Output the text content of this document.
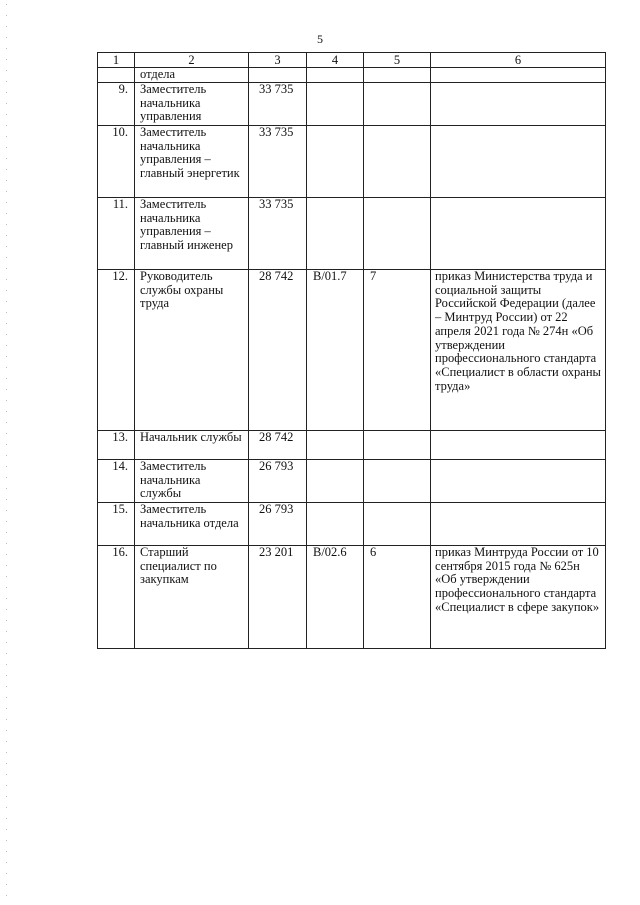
5
1	2	3	4	5	6
	отдела				
9.	Заместитель начальника управления	33 735			
10.	Заместитель начальника управления – главный энергетик	33 735			
11.	Заместитель начальника управления – главный инженер	33 735			
12.	Руководитель службы охраны труда	28 742	B/01.7	7	приказ Министерства труда и социальной защиты Российской Федерации (далее – Минтруд России) от 22 апреля 2021 года № 274н «Об утверждении профессионального стандарта «Специалист в области охраны труда»
13.	Начальник службы	28 742			
14.	Заместитель начальника службы	26 793			
15.	Заместитель начальника отдела	26 793			
16.	Старший специалист по закупкам	23 201	B/02.6	6	приказ Минтруда России от 10 сентября 2015 года № 625н «Об утверждении профессионального стандарта «Специалист в сфере закупок»
